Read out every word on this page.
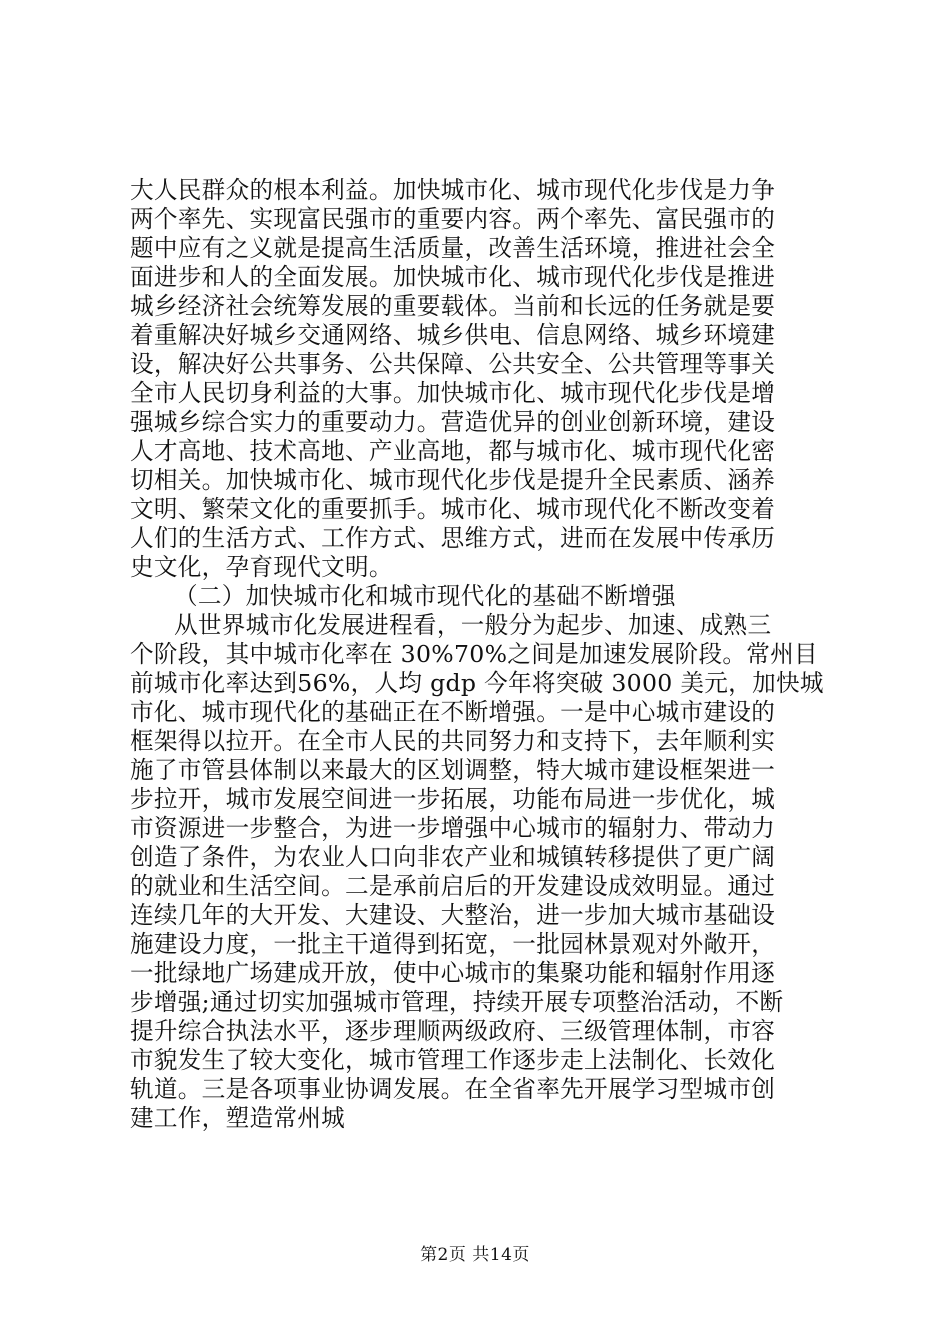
大人民群众的根本利益。加快城市化、城市现代化步伐是力争
两个率先、实现富民强市的重要内容。两个率先、富民强市的
题中应有之义就是提高生活质量，改善生活环境，推进社会全
面进步和人的全面发展。加快城市化、城市现代化步伐是推进
城乡经济社会统筹发展的重要载体。当前和长远的任务就是要
着重解决好城乡交通网络、城乡供电、信息网络、城乡环境建
设，解决好公共事务、公共保障、公共安全、公共管理等事关
全市人民切身利益的大事。加快城市化、城市现代化步伐是增
强城乡综合实力的重要动力。营造优异的创业创新环境，建设
人才高地、技术高地、产业高地，都与城市化、城市现代化密
切相关。加快城市化、城市现代化步伐是提升全民素质、涵养
文明、繁荣文化的重要抓手。城市化、城市现代化不断改变着
人们的生活方式、工作方式、思维方式，进而在发展中传承历
史文化，孕育现代文明。
（二）加快城市化和城市现代化的基础不断增强
从世界城市化发展进程看，一般分为起步、加速、成熟三
个阶段，其中城市化率在 30%70%之间是加速发展阶段。常州目
前城市化率达到56%，人均 gdp 今年将突破 3000 美元，加快城
市化、城市现代化的基础正在不断增强。一是中心城市建设的
框架得以拉开。在全市人民的共同努力和支持下，去年顺利实
施了市管县体制以来最大的区划调整，特大城市建设框架进一
步拉开，城市发展空间进一步拓展，功能布局进一步优化，城
市资源进一步整合，为进一步增强中心城市的辐射力、带动力
创造了条件，为农业人口向非农产业和城镇转移提供了更广阔
的就业和生活空间。二是承前启后的开发建设成效明显。通过
连续几年的大开发、大建设、大整治，进一步加大城市基础设
施建设力度，一批主干道得到拓宽，一批园林景观对外敞开，
一批绿地广场建成开放，使中心城市的集聚功能和辐射作用逐
步增强;通过切实加强城市管理，持续开展专项整治活动，不断
提升综合执法水平，逐步理顺两级政府、三级管理体制，市容
市貌发生了较大变化，城市管理工作逐步走上法制化、长效化
轨道。三是各项事业协调发展。在全省率先开展学习型城市创
建工作，塑造常州城
第2页 共14页
